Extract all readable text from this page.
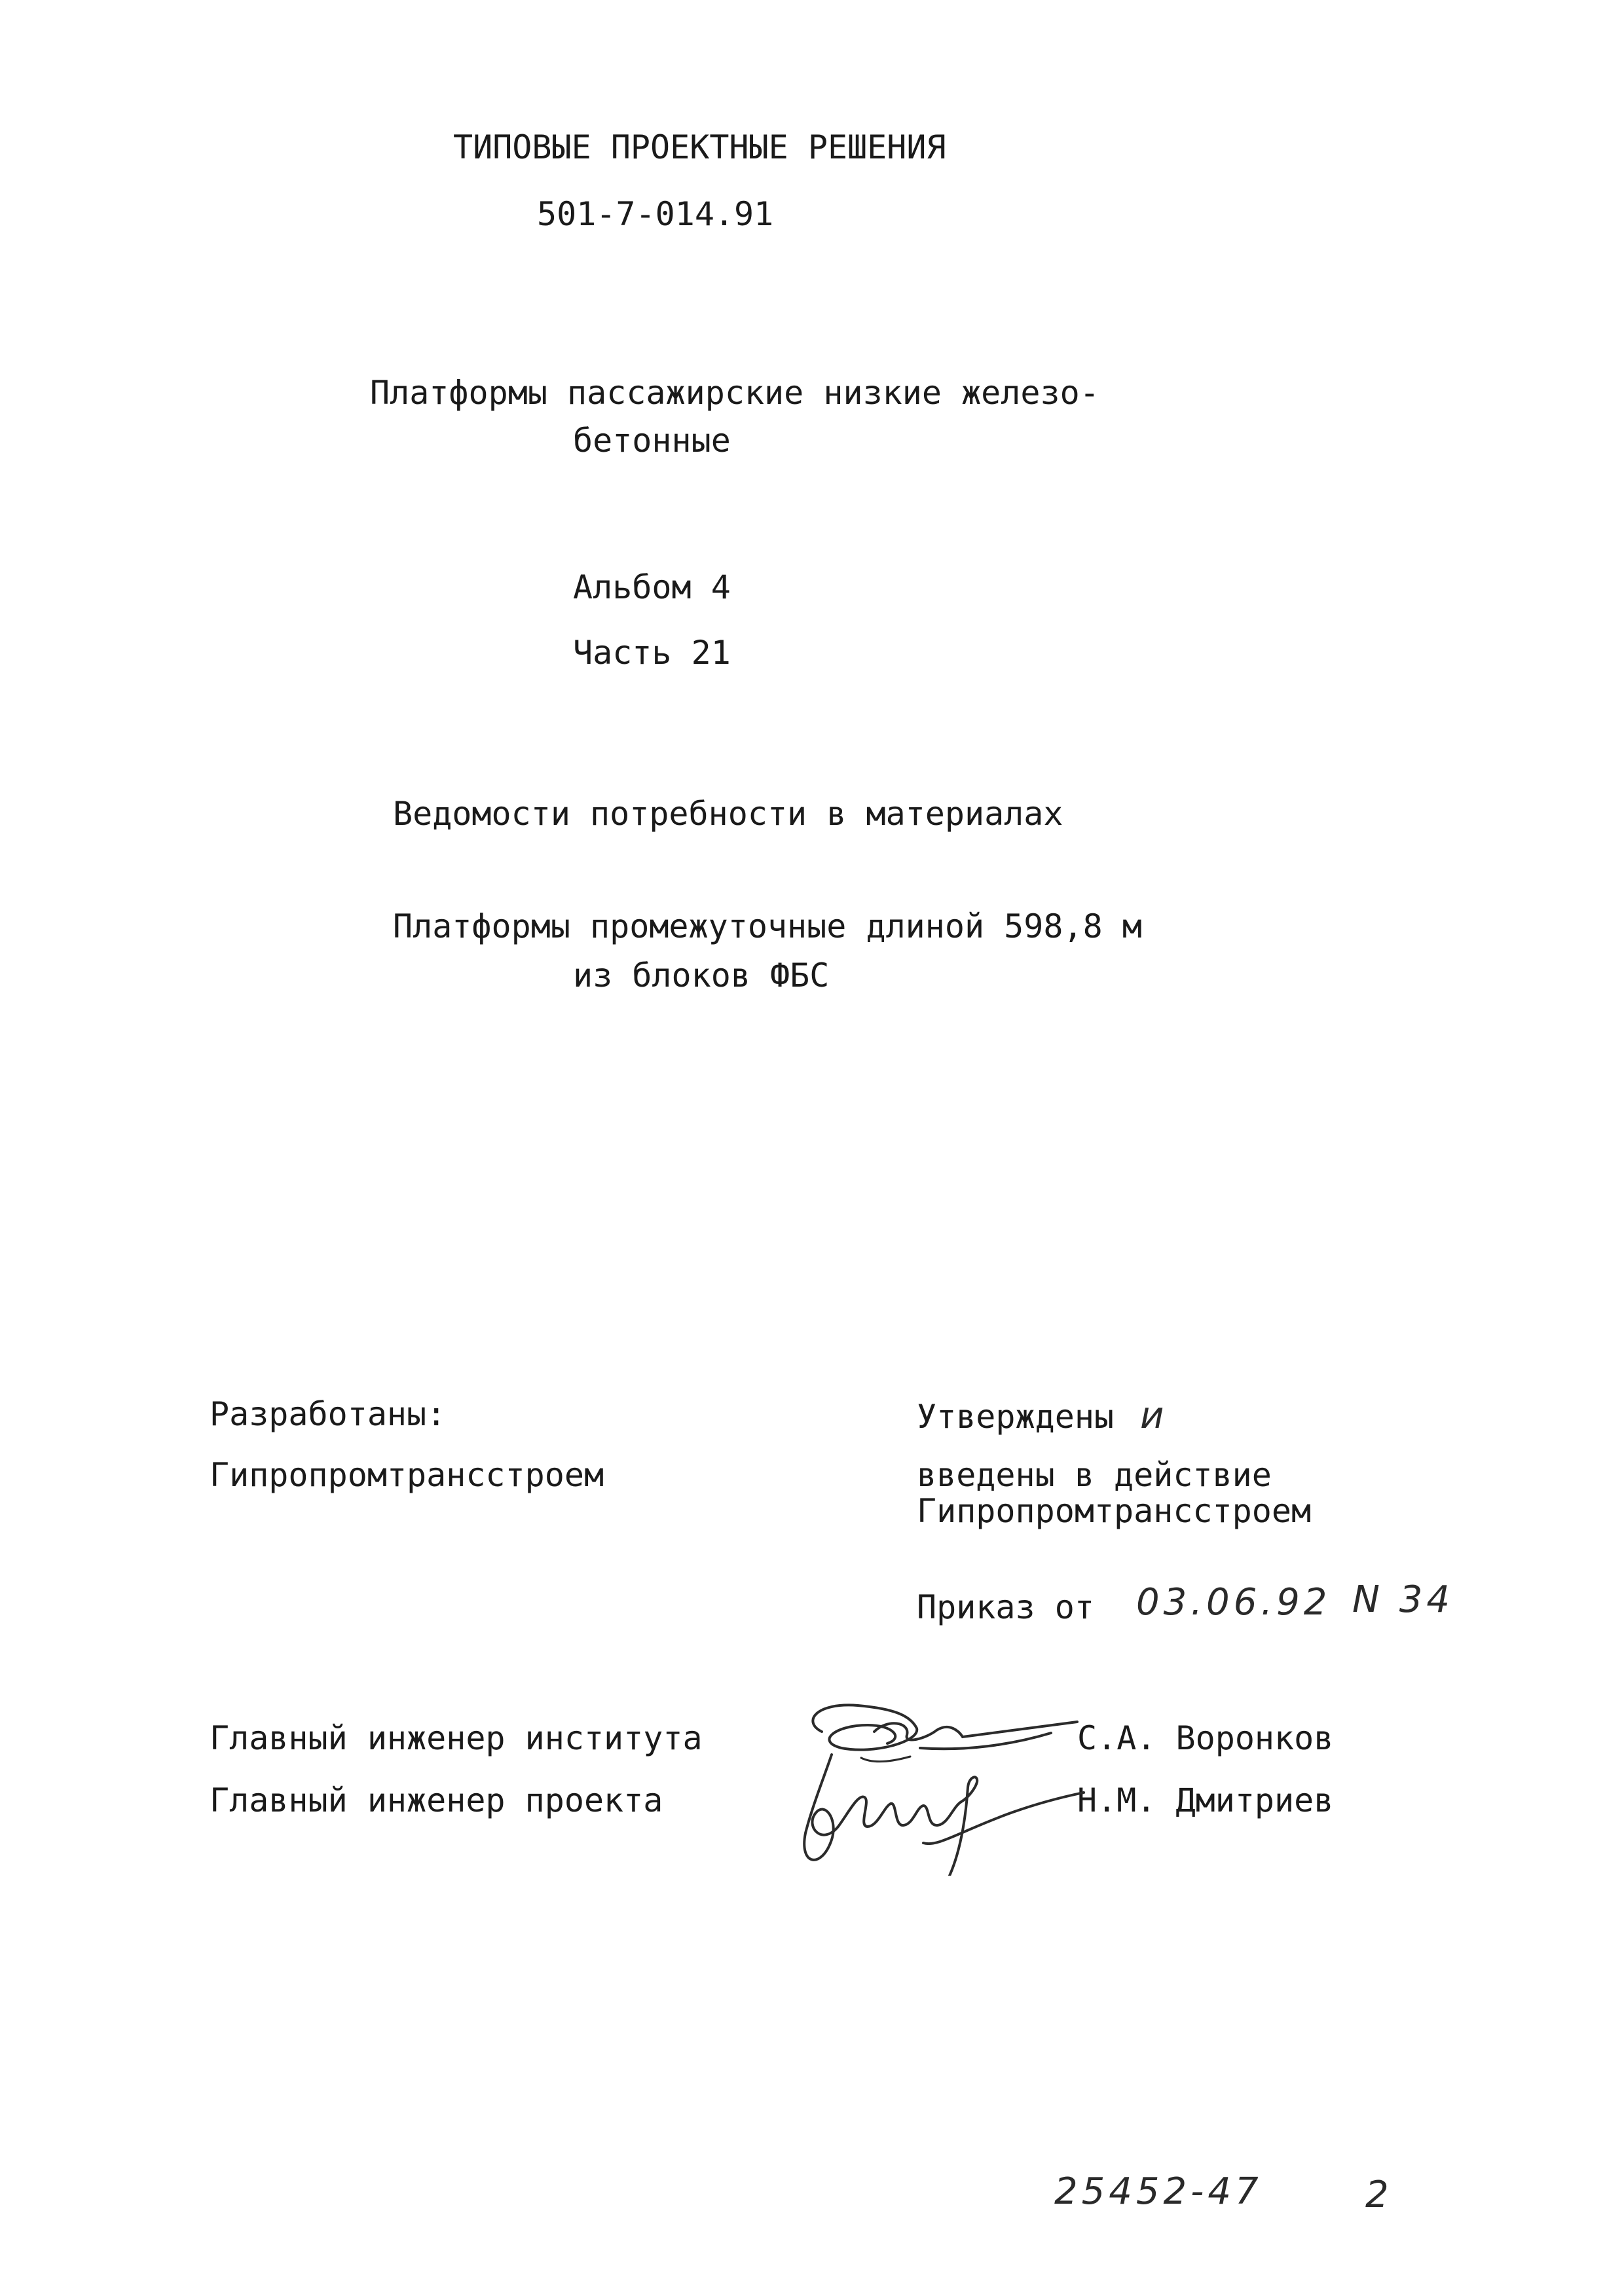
ТИПОВЫЕ ПРОЕКТНЫЕ РЕШЕНИЯ
501-7-014.91
Платформы пассажирские низкие железо-
бетонные
Альбом 4
Часть 21
Ведомости потребности в материалах
Платформы промежуточные длиной 598,8 м
из блоков ФБС
Разработаны:
Гипропромтрансстроем
Утверждены и
введены в действие
Гипропромтрансстроем
Приказ от 03.06.92 N 34
Главный инженер института	С.А. Воронков
Главный инженер проекта	Н.М. Дмитриев
25452-47	2
